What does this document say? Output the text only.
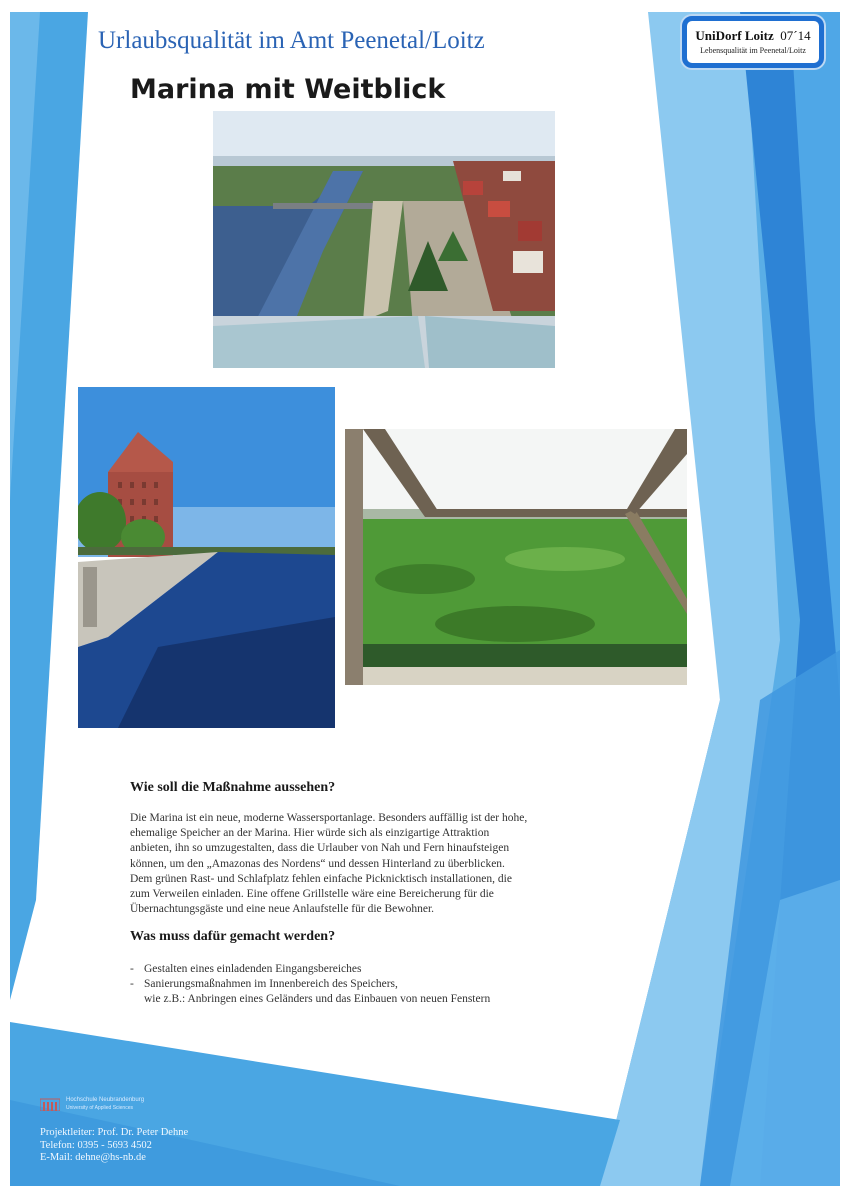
Urlaubsqualität im Amt Peenetal/Loitz	UniDorf Loitz 07´14
Lebensqualität im Peenetal/Loitz
Marina mit Weitblick
Wie soll die Maßnahme aussehen?
Die Marina ist ein neue, moderne Wassersportanlage. Besonders auffällig ist der hohe,
ehemalige Speicher an der Marina. Hier würde sich als einzigartige Attraktion
anbieten, ihn so umzugestalten, dass die Urlauber von Nah und Fern hinaufsteigen
können, um den „Amazonas des Nordens“ und dessen Hinterland zu überblicken.
Dem grünen Rast- und Schlafplatz fehlen einfache Picknicktisch installationen, die
zum Verweilen einladen. Eine offene Grillstelle wäre eine Bereicherung für die
Übernachtungsgäste und eine neue Anlaufstelle für die Bewohner.
Was muss dafür gemacht werden?
- Gestalten eines einladenden Eingangsbereiches
- Sanierungsmaßnahmen im Innenbereich des Speichers,
wie z.B.: Anbringen eines Geländers und das Einbauen von neuen Fenstern
Hochschule Neubrandenburg
University of Applied Sciences
Projektleiter: Prof. Dr. Peter Dehne
Telefon: 0395 - 5693 4502
E-Mail: dehne@hs-nb.de
